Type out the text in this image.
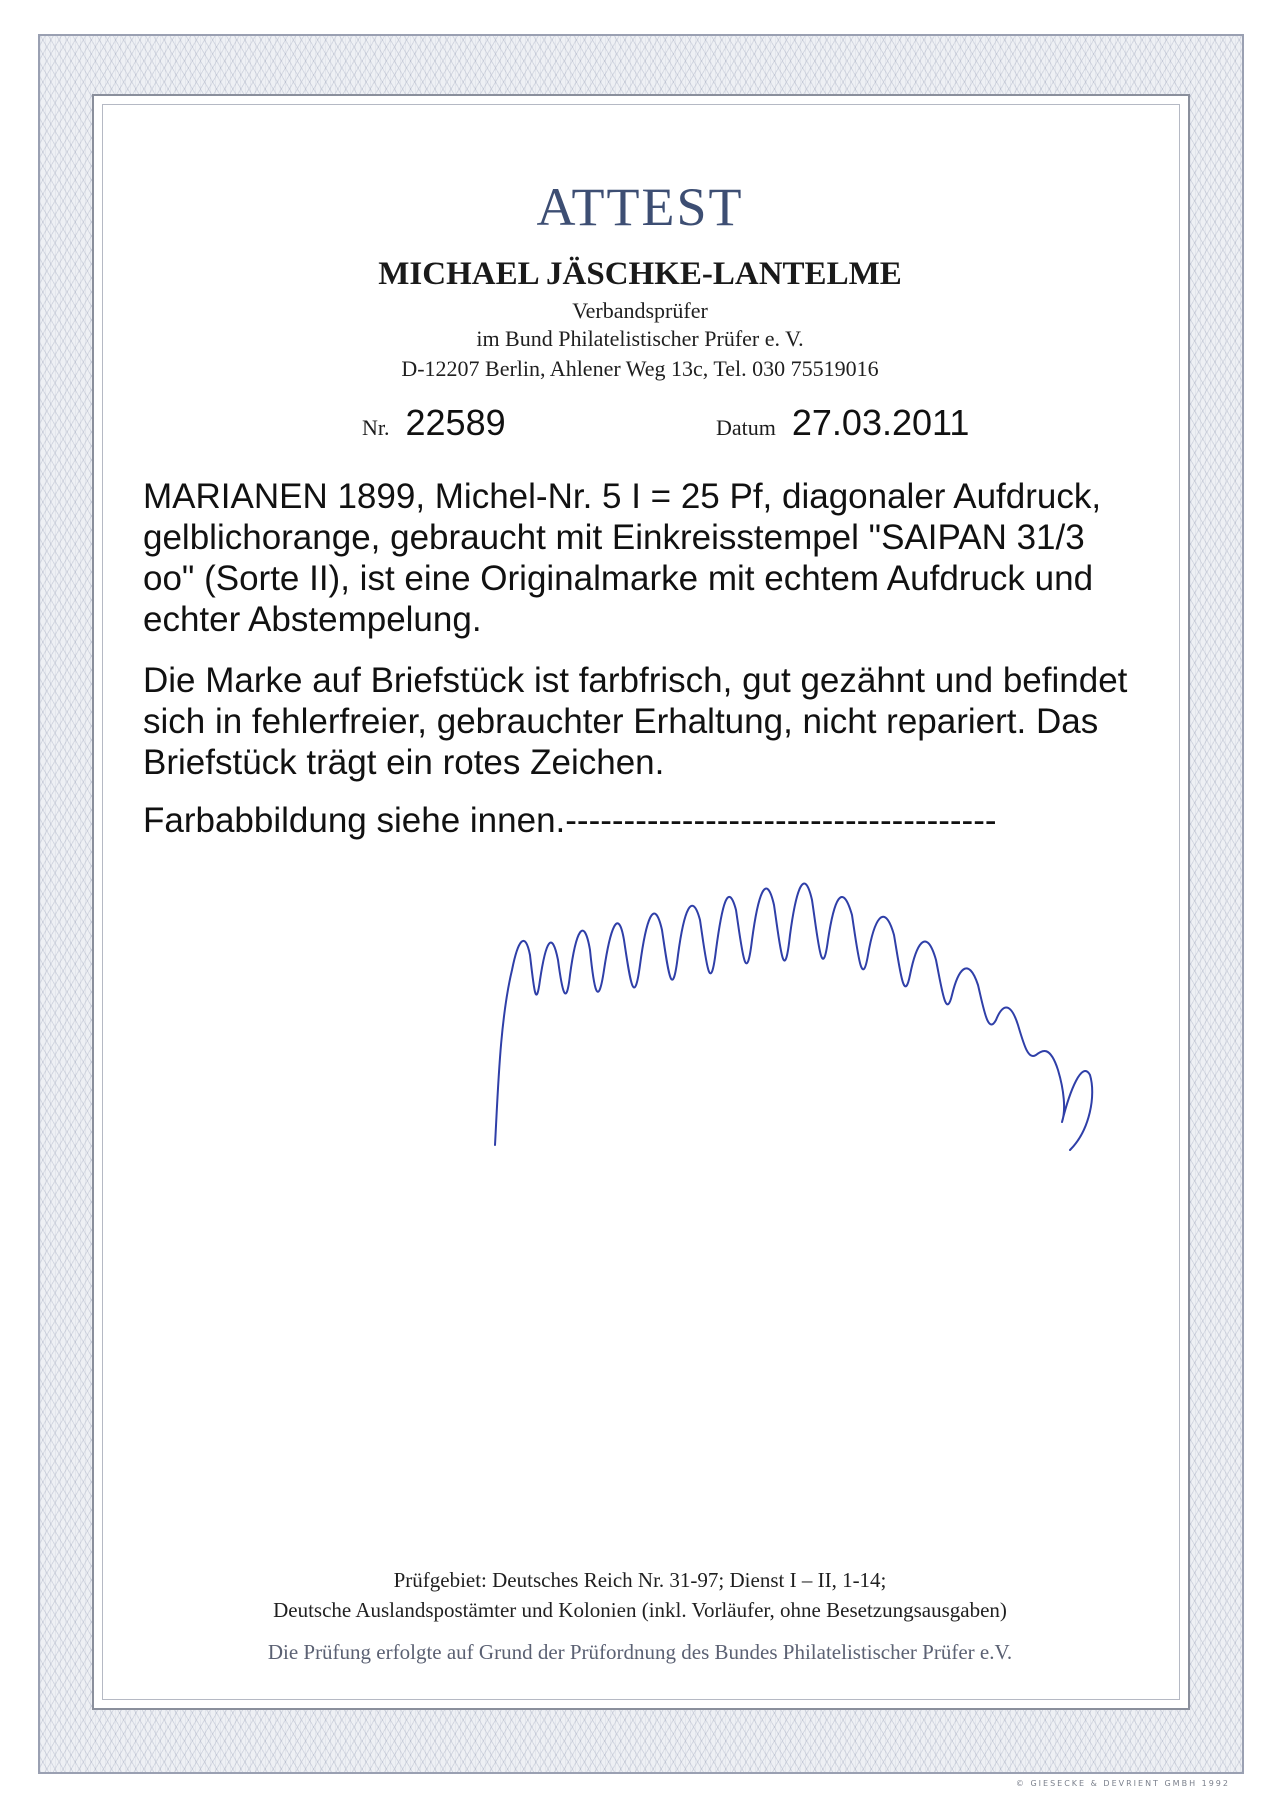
ATTEST
MICHAEL JÄSCHKE-LANTELME
Verbandsprüfer
im Bund Philatelistischer Prüfer e. V.
D-12207 Berlin, Ahlener Weg 13c, Tel. 030 75519016
Nr. 22589	Datum 27.03.2011

MARIANEN 1899, Michel-Nr. 5 I = 25 Pf, diagonaler Aufdruck, gelblichorange, gebraucht mit Einkreisstempel "SAIPAN 31/3 oo" (Sorte II), ist eine Originalmarke mit echtem Aufdruck und echter Abstempelung.

Die Marke auf Briefstück ist farbfrisch, gut gezähnt und befindet sich in fehlerfreier, gebrauchter Erhaltung, nicht repariert. Das Briefstück trägt ein rotes Zeichen.

Farbabbildung siehe innen.-------------------------------------

Prüfgebiet: Deutsches Reich Nr. 31-97; Dienst I – II, 1-14;
Deutsche Auslandspostämter und Kolonien (inkl. Vorläufer, ohne Besetzungsausgaben)
Die Prüfung erfolgte auf Grund der Prüfordnung des Bundes Philatelistischer Prüfer e.V.
© GIESECKE & DEVRIENT GMBH 1992
